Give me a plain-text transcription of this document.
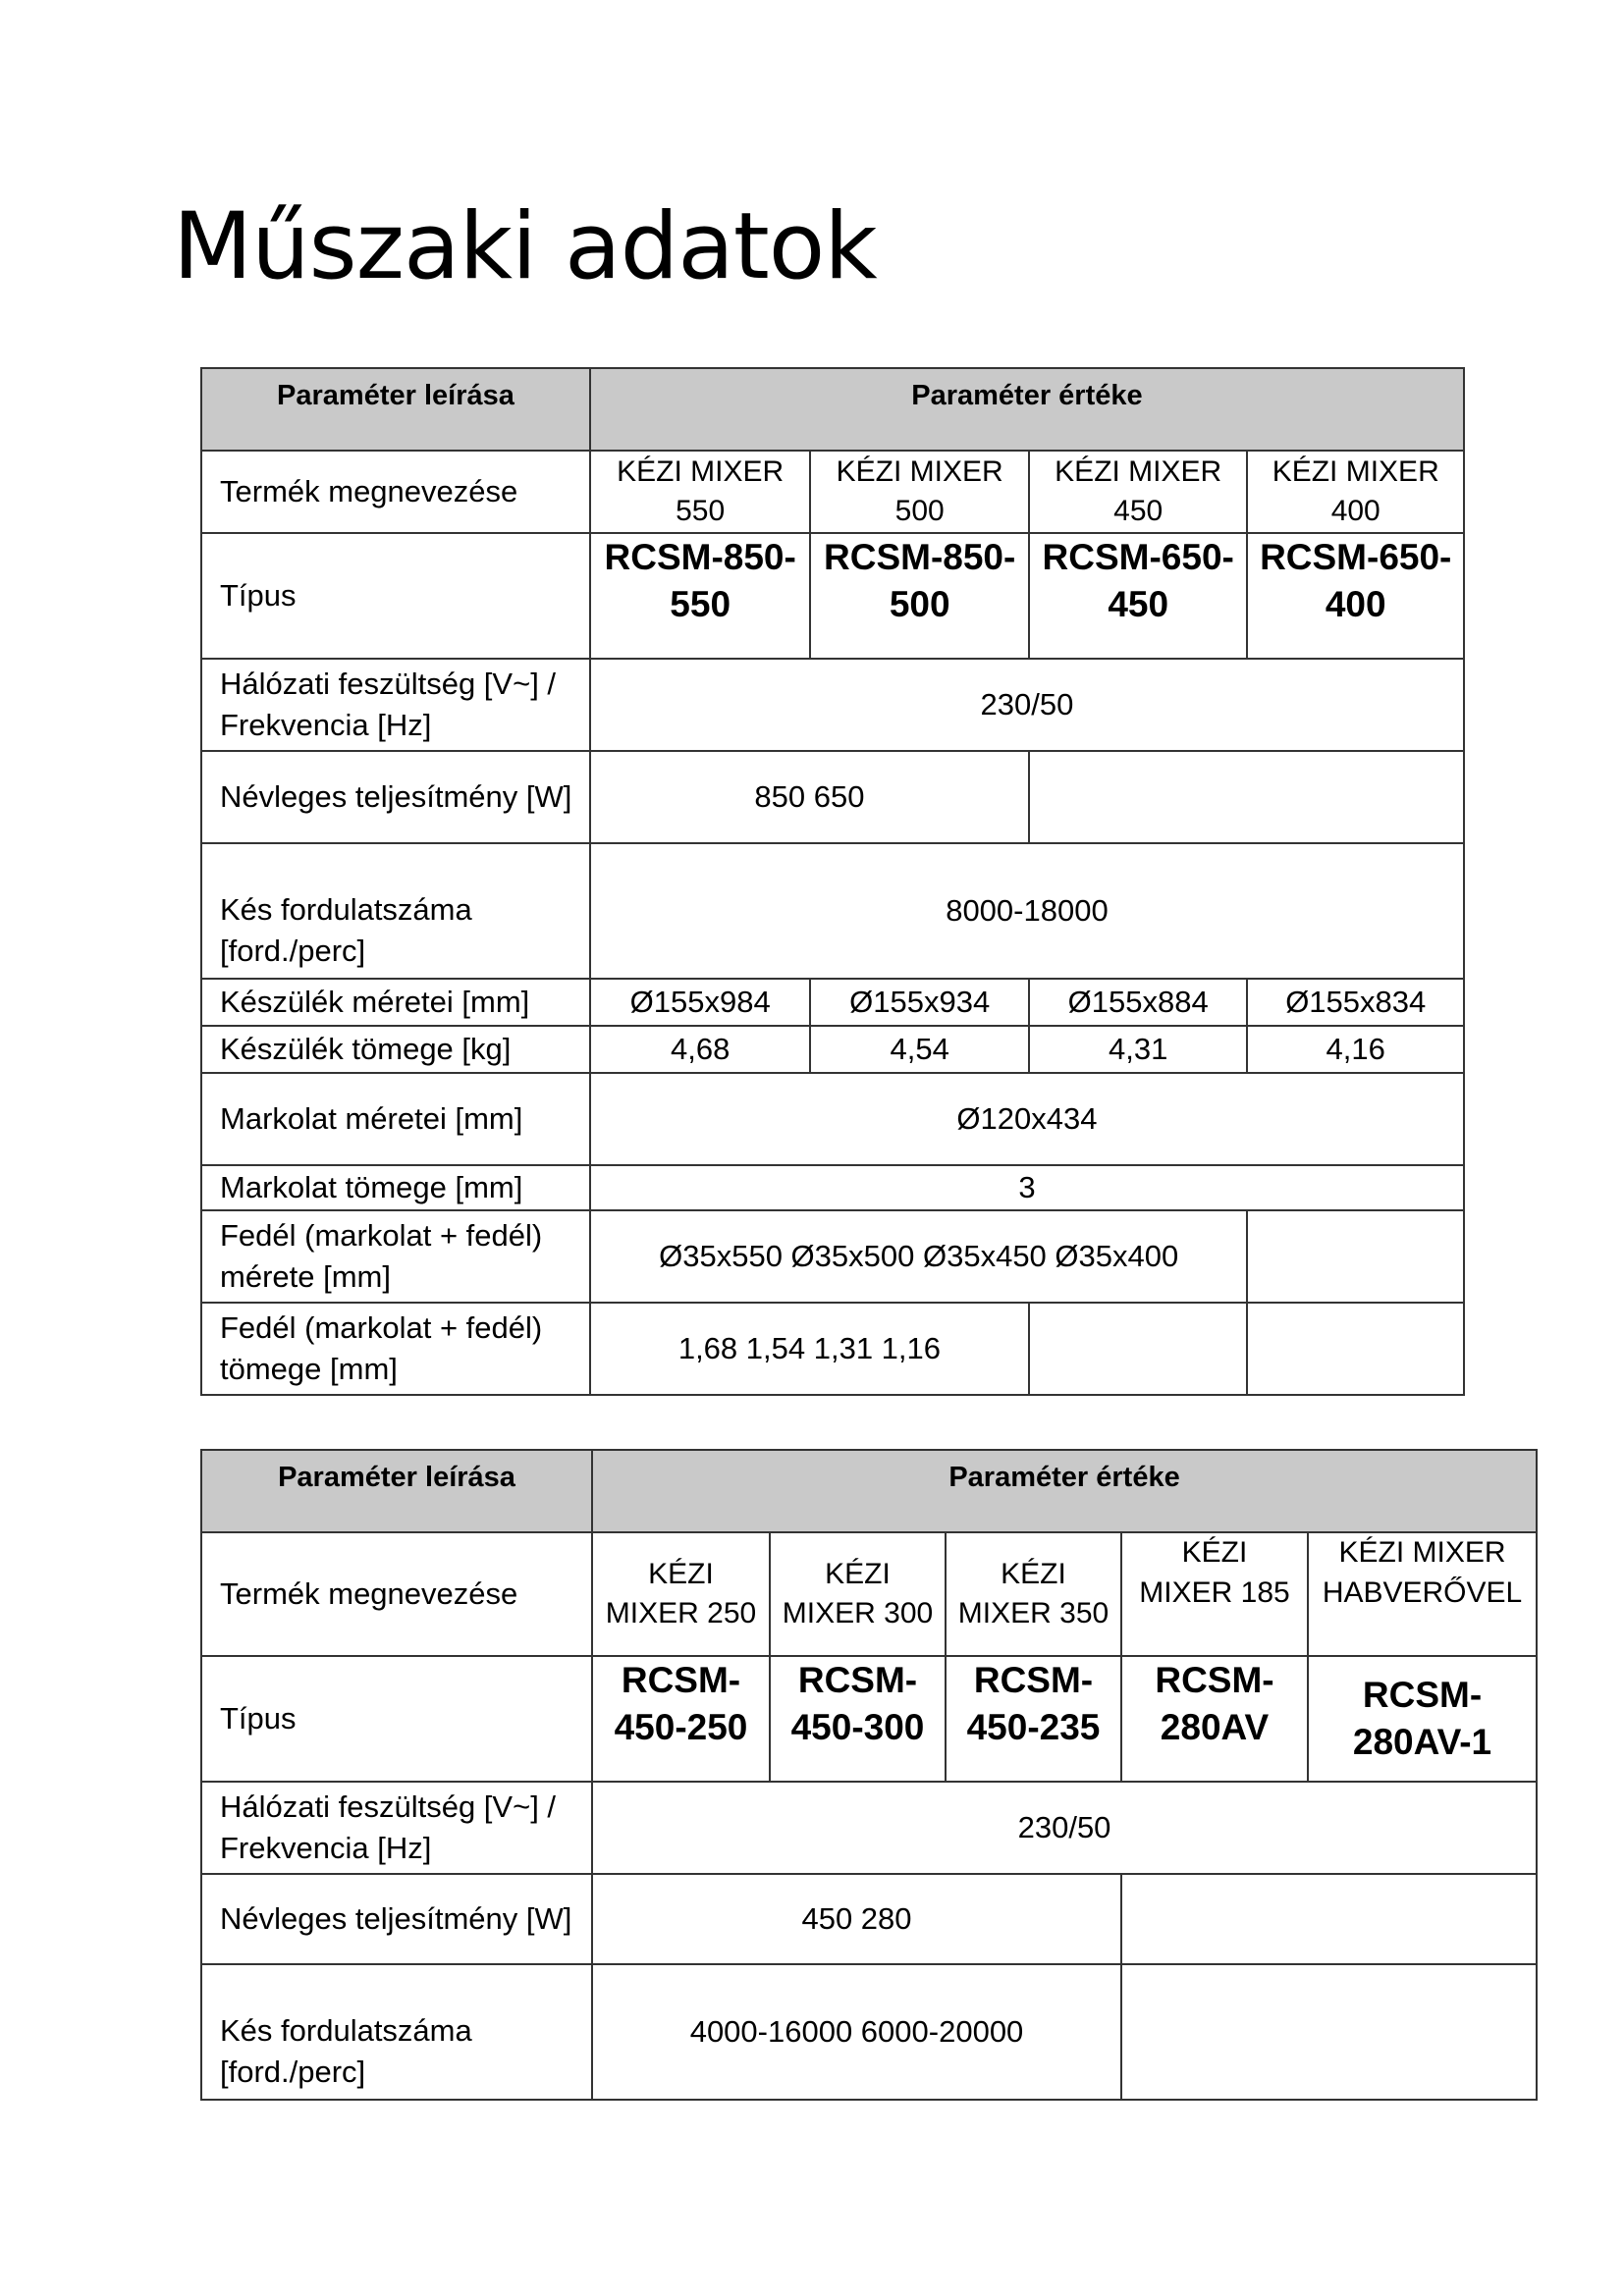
Műszaki adatok
Paraméter leírása	Paraméter értéke			
Termék megnevezése	KÉZI MIXER 550	KÉZI MIXER 500	KÉZI MIXER 450	KÉZI MIXER 400
Típus	RCSM-850-550	RCSM-850-500	RCSM-650-450	RCSM-650-400
Hálózati feszültség [V~] / Frekvencia [Hz]	230/50			
Névleges teljesítmény [W]	850 650			
Kés fordulatszáma [ford./perc]	8000-18000			
Készülék méretei [mm]	Ø155x984	Ø155x934	Ø155x884	Ø155x834
Készülék tömege [kg]	4,68	4,54	4,31	4,16
Markolat méretei [mm]	Ø120x434			
Markolat tömege [mm]	3			
Fedél (markolat + fedél) mérete [mm]	Ø35x550 Ø35x500 Ø35x450 Ø35x400			
Fedél (markolat + fedél) tömege [mm]	1,68 1,54 1,31 1,16			
Paraméter leírása	Paraméter értéke				
Termék megnevezése	KÉZI MIXER 250	KÉZI MIXER 300	KÉZI MIXER 350	KÉZI MIXER 185	KÉZI MIXER HABVERŐVEL
Típus	RCSM-450-250	RCSM-450-300	RCSM-450-235	RCSM-280AV	RCSM-280AV-1
Hálózati feszültség [V~] / Frekvencia [Hz]	230/50				
Névleges teljesítmény [W]	450 280				
Kés fordulatszáma [ford./perc]	4000-16000 6000-20000				
